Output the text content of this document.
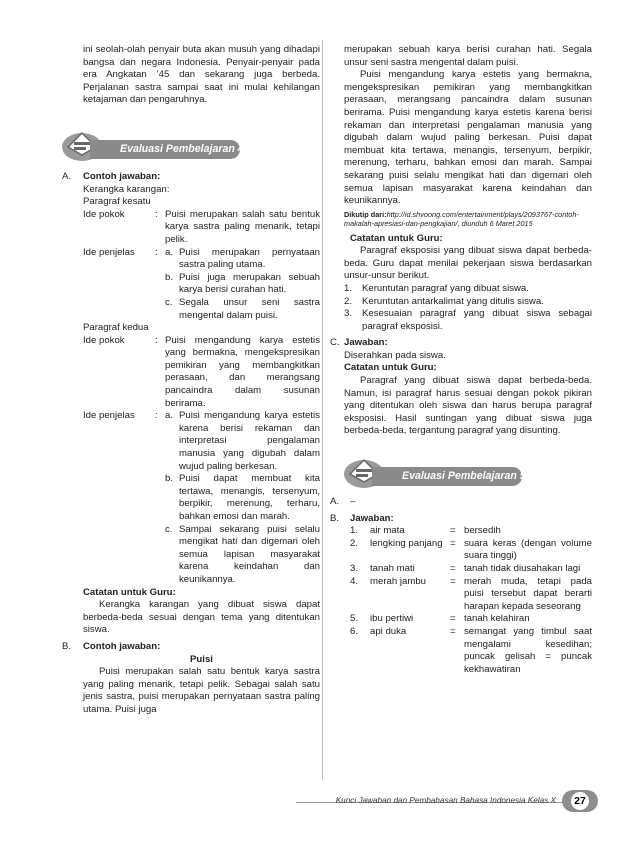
ini seolah-olah penyair buta akan musuh yang dihadapi bangsa dan negara Indonesia. Penyair-penyair pada era Angkatan ’45 dan sekarang juga berbeda. Perjalanan sastra sampai saat ini mulai kehilangan ketajaman dan pengaruhnya.

Evaluasi Pembelajaran 4
A.	Contoh jawaban:

Kerangka karangan:

Paragraf kesatu

Ide pokok	: Puisi merupakan salah satu bentuk karya sastra paling menarik, tetapi pelik.
Ide penjelas	: a. Puisi merupakan pernyataan sastra paling utama.
b. Puisi juga merupakan sebuah karya berisi curahan hati.
c. Segala unsur seni sastra mengental dalam puisi.

Paragraf kedua

Ide pokok	: Puisi mengandung karya estetis yang bermakna, mengekspresikan pemikiran yang membangkitkan perasaan, dan merangsang pancaindra dalam susunan berirama.
Ide penjelas	: a. Puisi mengandung karya estetis karena berisi rekaman dan interpretasi pengalaman manusia yang digubah dalam wujud paling berkesan.
b. Puisi dapat membuat kita tertawa, menangis, tersenyum, berpikir, merenung, terharu, bahkan emosi dan marah.
c. Sampai sekarang puisi selalu mengikat hati dan digemari oleh semua lapisan masyarakat karena keindahan dan keunikannya.

Catatan untuk Guru:

Kerangka karangan yang dibuat siswa dapat berbeda-beda sesuai dengan tema yang ditentukan siswa.

B.	Contoh jawaban:

Puisi

Puisi merupakan salah satu bentuk karya sastra yang paling menarik, tetapi pelik. Sebagai salah satu jenis sastra, puisi merupakan pernyataan sastra paling utama. Puisi juga

merupakan sebuah karya berisi curahan hati. Segala unsur seni sastra mengental dalam puisi.

Puisi mengandung karya estetis yang bermakna, mengekspresikan pemikiran yang membangkitkan perasaan, merangsang pancaindra dalam susunan berirama. Puisi mengandung karya estetis karena berisi rekaman dan interpretasi pengalaman manusia yang digubah dalam wujud paling berkesan. Puisi dapat membuat kita tertawa, menangis, tersenyum, berpikir, merenung, terharu, bahkan emosi dan marah. Sampai sekarang puisi selalu mengikat hati dan digemari oleh semua lapisan masyarakat karena keindahan dan keunikannya.

Dikutip dari:http://id.shvoong.com/entertainment/plays/2093767-contoh-makalah-apresiasi-dan-pengkajian/, diunduh 6 Maret 2015

Catatan untuk Guru:

Paragraf eksposisi yang dibuat siswa dapat berbeda-beda. Guru dapat menilai pekerjaan siswa berdasarkan unsur-unsur berikut.

1.	Keruntutan paragraf yang dibuat siswa.
2.	Keruntutan antarkalimat yang ditulis siswa.
3.	Kesesuaian paragraf yang dibuat siswa sebagai paragraf eksposisi.
C. Jawaban:

Diserahkan pada siswa.

Catatan untuk Guru:

Paragraf yang dibuat siswa dapat berbeda-beda. Namun, isi paragraf harus sesuai dengan pokok pikiran yang ditentukan oleh siswa dan harus berupa paragraf eksposisi. Hasil suntingan yang dibuat siswa juga berbeda-beda, tergantung paragraf yang disunting.

Evaluasi Pembelajaran 5
A.	–
B.	Jawaban:

1.	air mata	= bersedih
2.	lengking panjang = suara keras (dengan volume suara tinggi)
3.	tanah mati	= tanah tidak diusahakan lagi
4.	merah jambu	= merah muda, tetapi pada puisi tersebut dapat berarti harapan kepada seseorang
5.	ibu pertiwi	= tanah kelahiran
6.	api duka	= semangat yang timbul saat mengalami kesedihan; puncak gelisah = puncak kekhawatiran
Kunci Jawaban dan Pembahasan Bahasa Indonesia Kelas X	27
